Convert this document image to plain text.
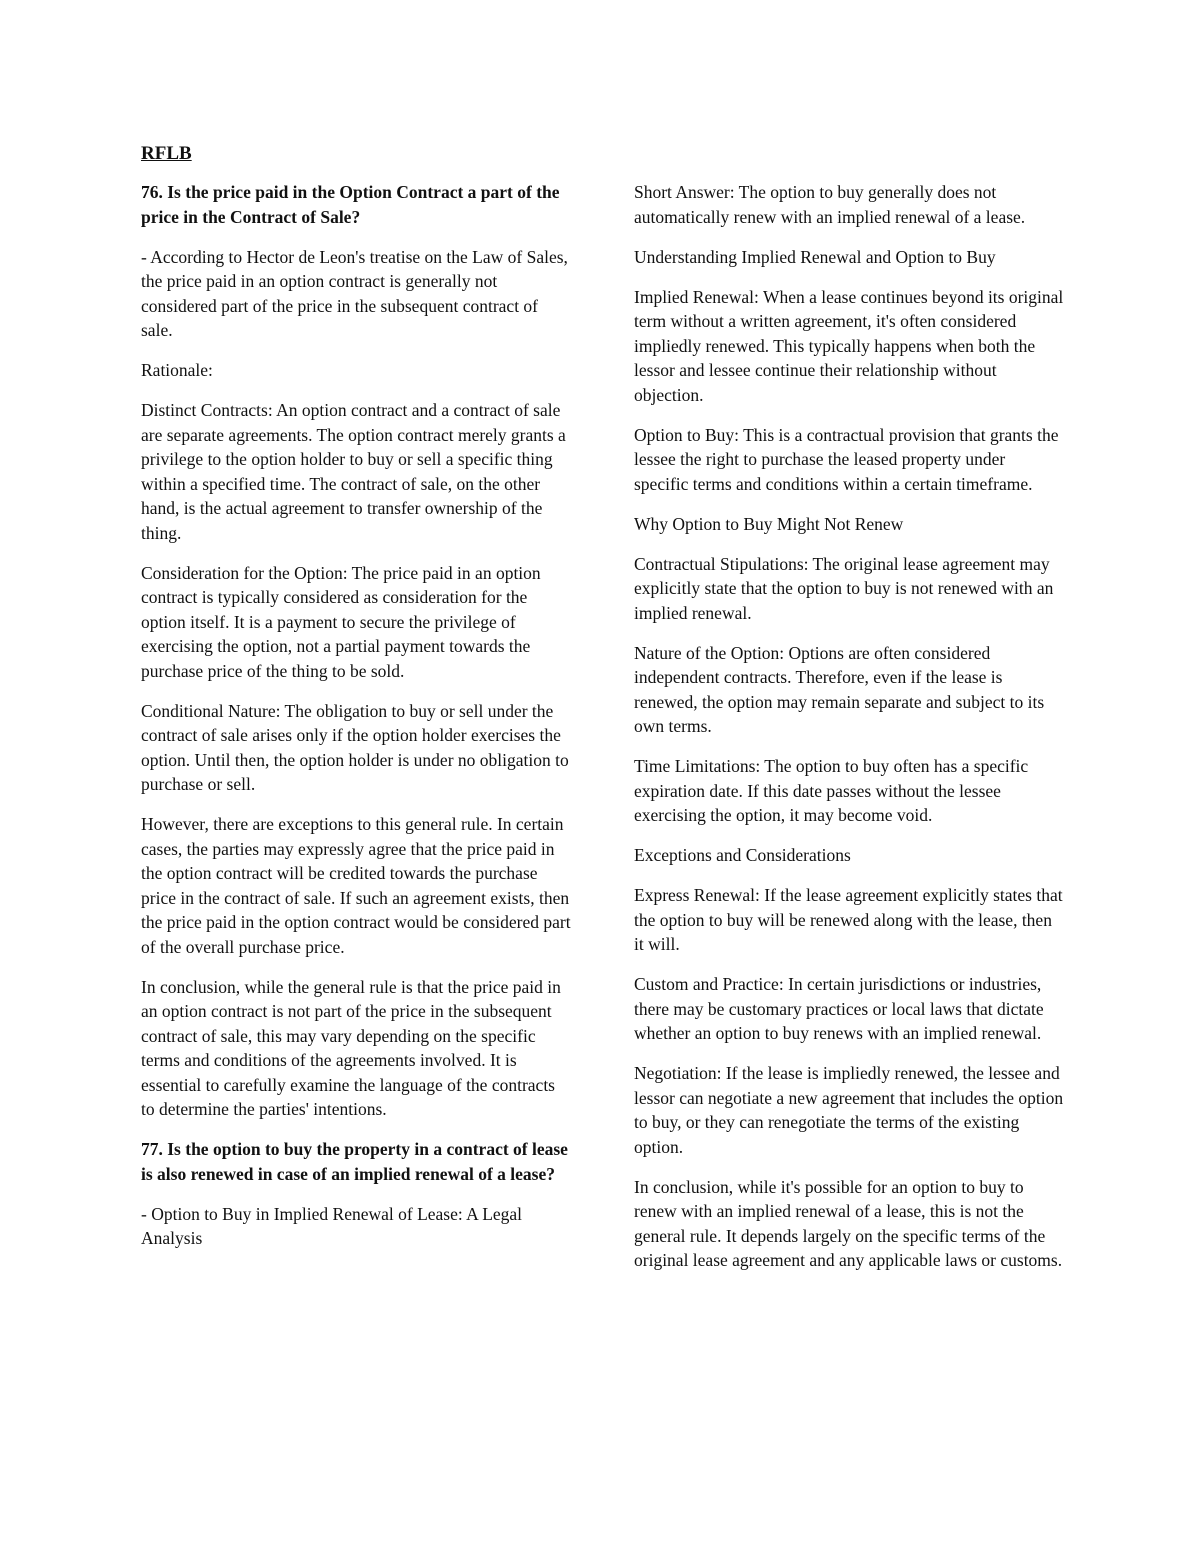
RFLB

76. Is the price paid in the Option Contract a part of the price in the Contract of Sale?

- According to Hector de Leon's treatise on the Law of Sales, the price paid in an option contract is generally not considered part of the price in the subsequent contract of sale.

Rationale:

Distinct Contracts: An option contract and a contract of sale are separate agreements. The option contract merely grants a privilege to the option holder to buy or sell a specific thing within a specified time. The contract of sale, on the other hand, is the actual agreement to transfer ownership of the thing.

Consideration for the Option: The price paid in an option contract is typically considered as consideration for the option itself. It is a payment to secure the privilege of exercising the option, not a partial payment towards the purchase price of the thing to be sold.

Conditional Nature: The obligation to buy or sell under the contract of sale arises only if the option holder exercises the option. Until then, the option holder is under no obligation to purchase or sell.

However, there are exceptions to this general rule. In certain cases, the parties may expressly agree that the price paid in the option contract will be credited towards the purchase price in the contract of sale. If such an agreement exists, then the price paid in the option contract would be considered part of the overall purchase price.

In conclusion, while the general rule is that the price paid in an option contract is not part of the price in the subsequent contract of sale, this may vary depending on the specific terms and conditions of the agreements involved. It is essential to carefully examine the language of the contracts to determine the parties' intentions.

77. Is the option to buy the property in a contract of lease is also renewed in case of an implied renewal of a lease?

- Option to Buy in Implied Renewal of Lease: A Legal Analysis

Short Answer: The option to buy generally does not automatically renew with an implied renewal of a lease.

Understanding Implied Renewal and Option to Buy

Implied Renewal: When a lease continues beyond its original term without a written agreement, it's often considered impliedly renewed. This typically happens when both the lessor and lessee continue their relationship without objection.

Option to Buy: This is a contractual provision that grants the lessee the right to purchase the leased property under specific terms and conditions within a certain timeframe.

Why Option to Buy Might Not Renew

Contractual Stipulations: The original lease agreement may explicitly state that the option to buy is not renewed with an implied renewal.

Nature of the Option: Options are often considered independent contracts. Therefore, even if the lease is renewed, the option may remain separate and subject to its own terms.

Time Limitations: The option to buy often has a specific expiration date. If this date passes without the lessee exercising the option, it may become void.

Exceptions and Considerations

Express Renewal: If the lease agreement explicitly states that the option to buy will be renewed along with the lease, then it will.

Custom and Practice: In certain jurisdictions or industries, there may be customary practices or local laws that dictate whether an option to buy renews with an implied renewal.

Negotiation: If the lease is impliedly renewed, the lessee and lessor can negotiate a new agreement that includes the option to buy, or they can renegotiate the terms of the existing option.

In conclusion, while it's possible for an option to buy to renew with an implied renewal of a lease, this is not the general rule. It depends largely on the specific terms of the original lease agreement and any applicable laws or customs.
